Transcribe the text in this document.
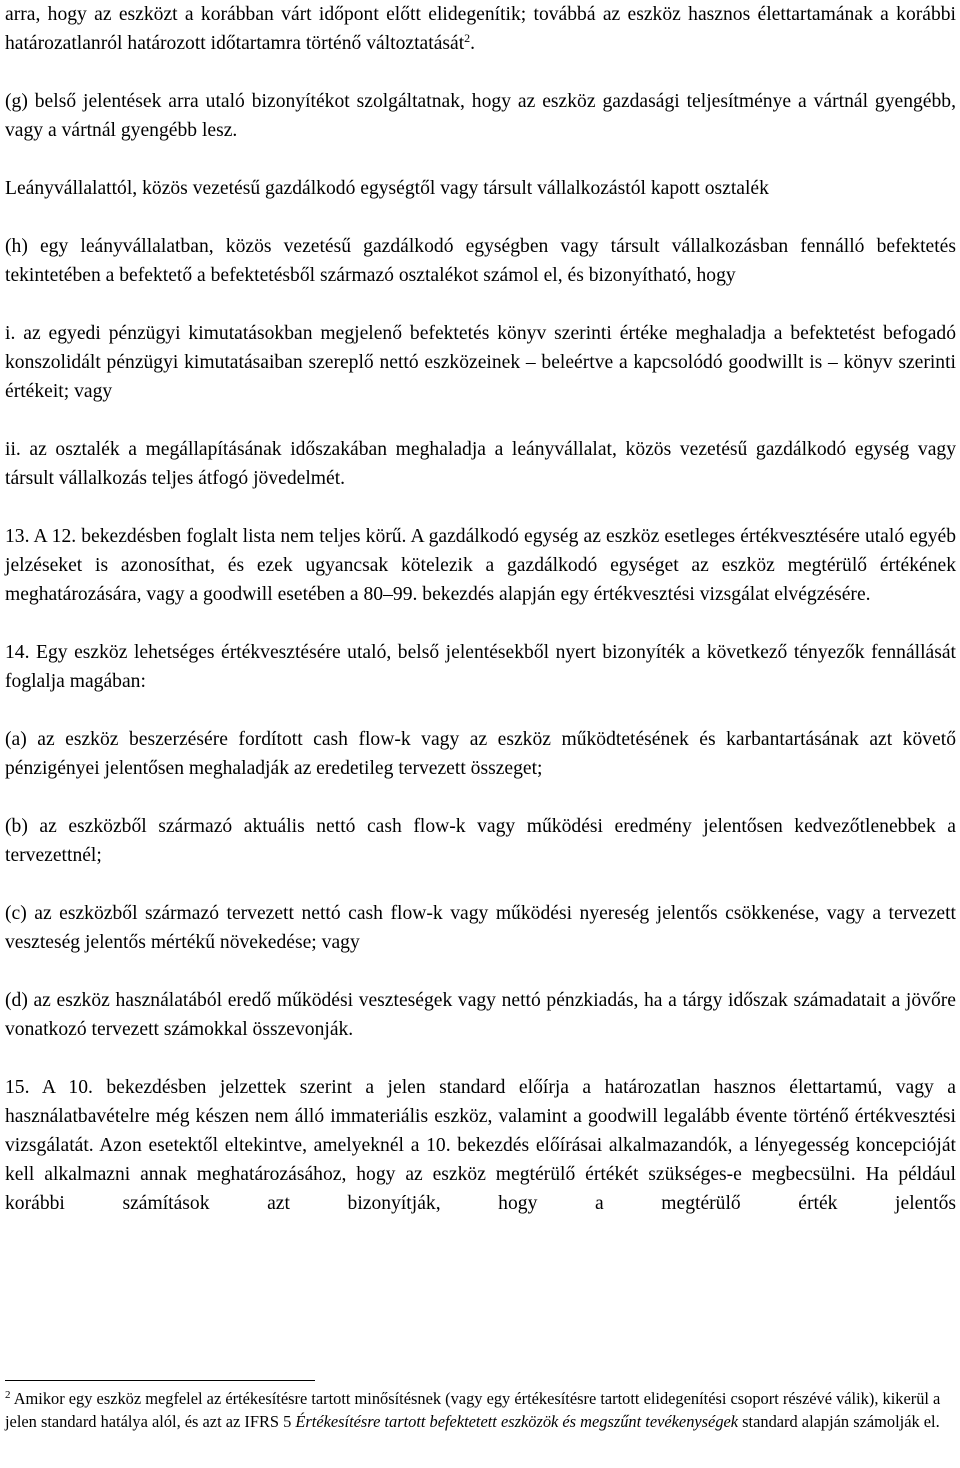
arra, hogy az eszközt a korábban várt időpont előtt elidegenítik; továbbá az eszköz hasznos élettartamának a korábbi határozatlanról határozott időtartamra történő változtatását$^2$.

(g) belső jelentések arra utaló bizonyítékot szolgáltatnak, hogy az eszköz gazdasági teljesítménye a vártnál gyengébb, vagy a vártnál gyengébb lesz.

Leányvállalattól, közös vezetésű gazdálkodó egységtől vagy társult vállalkozástól kapott osztalék

(h) egy leányvállalatban, közös vezetésű gazdálkodó egységben vagy társult vállalkozásban fennálló befektetés tekintetében a befektető a befektetésből származó osztalékot számol el, és bizonyítható, hogy

i. az egyedi pénzügyi kimutatásokban megjelenő befektetés könyv szerinti értéke meghaladja a befektetést befogadó konszolidált pénzügyi kimutatásaiban szereplő nettó eszközeinek – beleértve a kapcsolódó goodwillt is – könyv szerinti értékeit; vagy

ii. az osztalék a megállapításának időszakában meghaladja a leányvállalat, közös vezetésű gazdálkodó egység vagy társult vállalkozás teljes átfogó jövedelmét.

13. A 12. bekezdésben foglalt lista nem teljes körű. A gazdálkodó egység az eszköz esetleges értékvesztésére utaló egyéb jelzéseket is azonosíthat, és ezek ugyancsak kötelezik a gazdálkodó egységet az eszköz megtérülő értékének meghatározására, vagy a goodwill esetében a 80–99. bekezdés alapján egy értékvesztési vizsgálat elvégzésére.

14. Egy eszköz lehetséges értékvesztésére utaló, belső jelentésekből nyert bizonyíték a következő tényezők fennállását foglalja magában:

(a) az eszköz beszerzésére fordított cash flow-k vagy az eszköz működtetésének és karbantartásának azt követő pénzigényei jelentősen meghaladják az eredetileg tervezett összeget;

(b) az eszközből származó aktuális nettó cash flow-k vagy működési eredmény jelentősen kedvezőtlenebbek a tervezettnél;

(c) az eszközből származó tervezett nettó cash flow-k vagy működési nyereség jelentős csökkenése, vagy a tervezett veszteség jelentős mértékű növekedése; vagy

(d) az eszköz használatából eredő működési veszteségek vagy nettó pénzkiadás, ha a tárgy időszak számadatait a jövőre vonatkozó tervezett számokkal összevonják.

15. A 10. bekezdésben jelzettek szerint a jelen standard előírja a határozatlan hasznos élettartamú, vagy a használatbavételre még készen nem álló immateriális eszköz, valamint a goodwill legalább évente történő értékvesztési vizsgálatát. Azon esetektől eltekintve, amelyeknél a 10. bekezdés előírásai alkalmazandók, a lényegesség koncepcióját kell alkalmazni annak meghatározásához, hogy az eszköz megtérülő értékét szükséges-e megbecsülni. Ha például korábbi számítások azt bizonyítják, hogy a megtérülő érték jelentős

$^2$ Amikor egy eszköz megfelel az értékesítésre tartott minősítésnek (vagy egy értékesítésre tartott elidegenítési csoport részévé válik), kikerül a jelen standard hatálya alól, és azt az IFRS 5 Értékesítésre tartott befektetett eszközök és megszűnt tevékenységek standard alapján számolják el.
